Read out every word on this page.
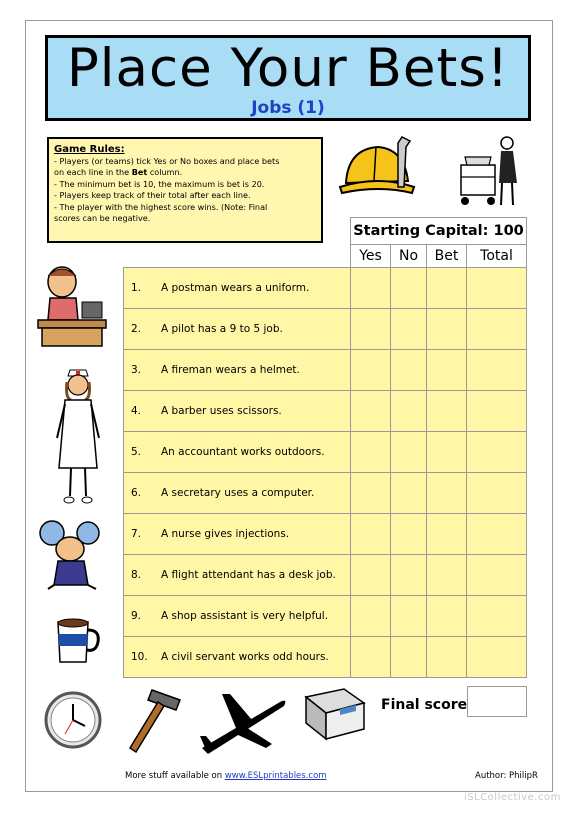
Place Your Bets!
Jobs (1)
Game Rules:
- Players (or teams) tick Yes or No boxes and place bets
on each line in the Bet column.
- The minimum bet is 10, the maximum is bet is 20.
- Players keep track of their total after each line.
- The player with the highest score wins. (Note: Final
scores can be negative.
	Starting Capital: 100			
	Yes	No	Bet	Total
1. A postman wears a uniform.				
2. A pilot has a 9 to 5 job.				
3. A fireman wears a helmet.				
4. A barber uses scissors.				
5. An accountant works outdoors.				
6. A secretary uses a computer.				
7. A nurse gives injections.				
8. A flight attendant has a desk job.				
9. A shop assistant is very helpful.				
10. A civil servant works odd hours.				
Final score
More stuff available on www.ESLprintables.com	Author: PhilipR
iSLCollective.com
